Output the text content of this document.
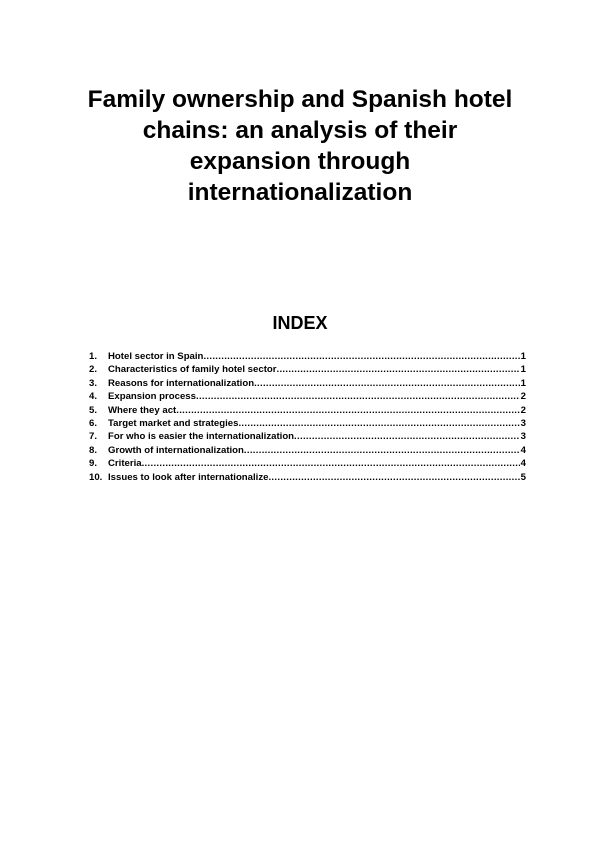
Family ownership and Spanish hotel
chains: an analysis of their
expansion through
internationalization
INDEX
1.	Hotel sector in Spain .....	1
2.	Characteristics of family hotel sector .....	1
3.	Reasons for internationalization .....	1
4.	Expansion process .....	2
5.	Where they act .....	2
6.	Target market and strategies .....	3
7.	For who is easier the internationalization .....	3
8.	Growth of internationalization .....	4
9.	Criteria .....	4
10. Issues to look after internationalize .....	5
